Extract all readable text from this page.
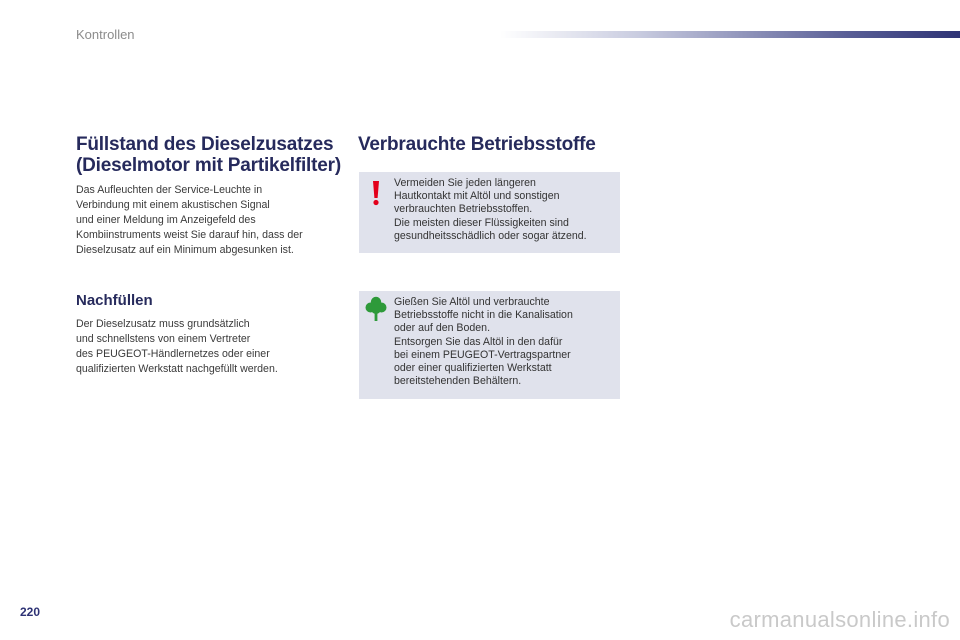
Kontrollen
Füllstand des Dieselzusatzes
(Dieselmotor mit Partikelfilter)

Das Aufleuchten der Service-Leuchte in
Verbindung mit einem akustischen Signal
und einer Meldung im Anzeigefeld des
Kombiinstruments weist Sie darauf hin, dass der
Dieselzusatz auf ein Minimum abgesunken ist.

Nachfüllen

Der Dieselzusatz muss grundsätzlich
und schnellstens von einem Vertreter
des PEUGEOT-Händlernetzes oder einer
qualifizierten Werkstatt nachgefüllt werden.

Verbrauchte Betriebsstoffe

Vermeiden Sie jeden längeren
Hautkontakt mit Altöl und sonstigen
verbrauchten Betriebsstoffen.
Die meisten dieser Flüssigkeiten sind
gesundheitsschädlich oder sogar ätzend.

Gießen Sie Altöl und verbrauchte
Betriebsstoffe nicht in die Kanalisation
oder auf den Boden.
Entsorgen Sie das Altöl in den dafür
bei einem PEUGEOT-Vertragspartner
oder einer qualifizierten Werkstatt
bereitstehenden Behältern.

220	carmanualsonline.info
